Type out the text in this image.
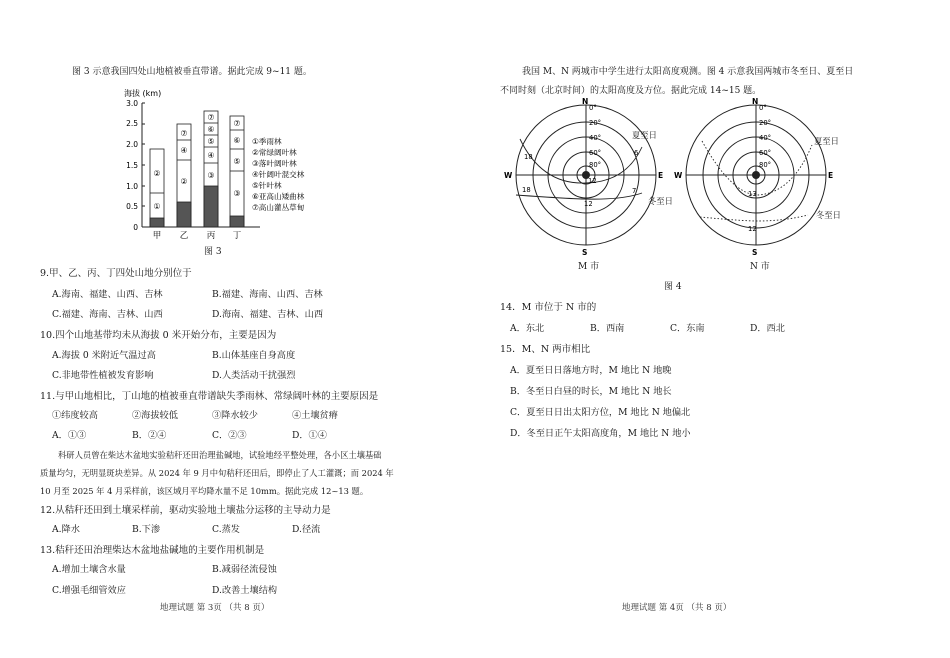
图 3 示意我国四处山地植被垂直带谱。据此完成 9~11 题。
海拔 (km)
3.0
2.5
2.0
1.5
1.0
0.5
0
②
①
⑦
④
②
⑦
⑥
⑤
④
③
⑦
⑥
⑤
③
甲 乙 丙 丁
①季雨林
②常绿阔叶林
③落叶阔叶林
④针阔叶混交林
⑤针叶林
⑥亚高山矮曲林
⑦高山灌丛草甸
图 3
9.甲、乙、丙、丁四处山地分别位于
A.海南、福建、山西、吉林	B.福建、海南、山西、吉林
C.福建、海南、吉林、山西	D.海南、福建、吉林、山西
10.四个山地基带均未从海拔 0 米开始分布，主要是因为
A.海拔 0 米附近气温过高	B.山体基座自身高度
C.非地带性植被发育影响	D.人类活动干扰强烈
11.与甲山地相比，丁山地的植被垂直带谱缺失季雨林、常绿阔叶林的主要原因是
①纬度较高	②海拔较低	③降水较少	④土壤贫瘠
A．①③	B．②④	C．②③	D．①④
科研人员曾在柴达木盆地实验秸秆还田治理盐碱地，试验地经平整处理，各小区土壤基础
质量均匀，无明显斑块差异。从 2024 年 9 月中旬秸秆还田后，即停止了人工灌溉；而 2024 年
10 月至 2025 年 4 月采样前，该区域月平均降水量不足 10mm。据此完成 12~13 题。
12.从秸秆还田到土壤采样前，驱动实验地土壤盐分运移的主导动力是
A.降水	B.下渗	C.蒸发	D.径流
13.秸秆还田治理柴达木盆地盐碱地的主要作用机制是
A.增加土壤含水量	B.减弱径流侵蚀
C.增强毛细管效应	D.改善土壤结构
地理试题 第 3页 （共 8 页）
我国 M、N 两城市中学生进行太阳高度观测。图 4 示意我国两城市冬至日、夏至日
不同时刻（北京时间）的太阳高度及方位。据此完成 14~15 题。
N
S
W	E
0°
20°
40°
60°
80°
18	6
12
18
12
7
夏至日
冬至日
M 市
N
S
W	E
0°
20°
40°
60°
80°
13
12
夏至日
冬至日
N 市
图 4
14．M 市位于 N 市的
A．东北	B．西南	C．东南	D．西北
15．M、N 两市相比
A．夏至日日落地方时，M 地比 N 地晚
B．冬至日白昼的时长，M 地比 N 地长
C．夏至日日出太阳方位，M 地比 N 地偏北
D．冬至日正午太阳高度角，M 地比 N 地小
地理试题 第 4页 （共 8 页）
